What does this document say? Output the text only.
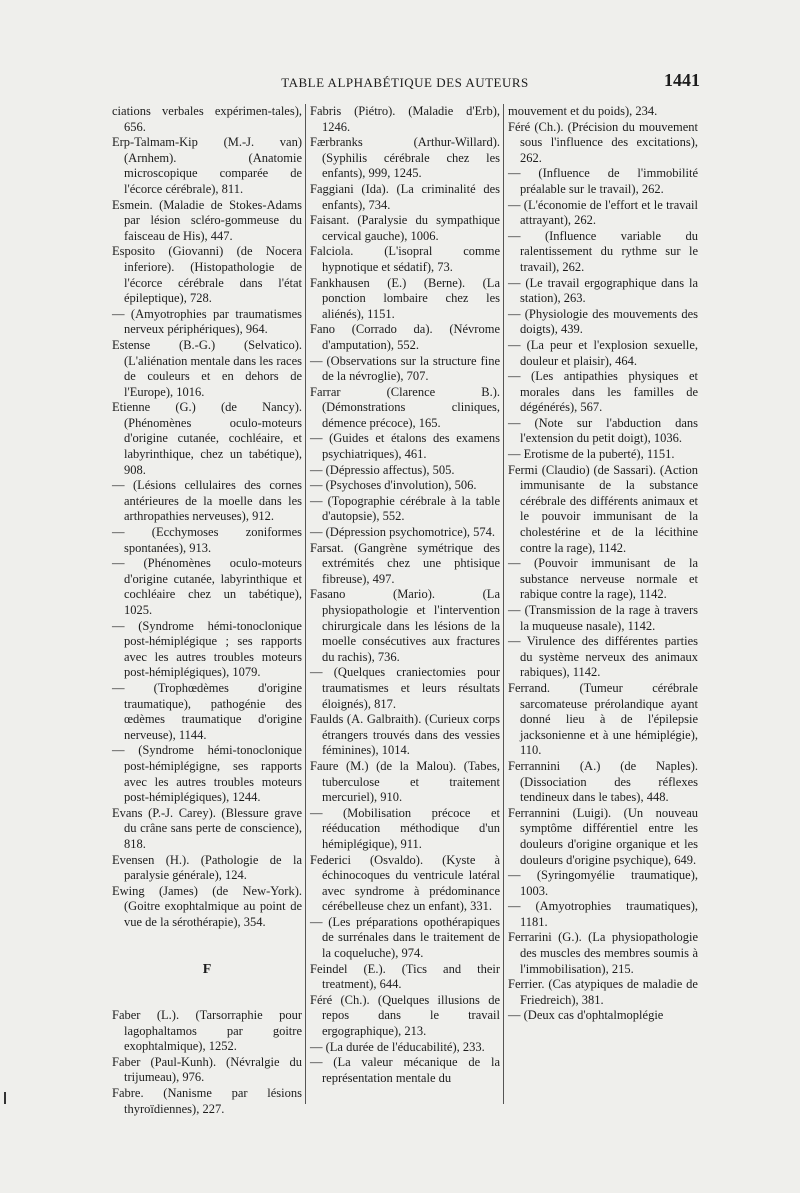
TABLE ALPHABÉTIQUE DES AUTEURS	1441
ciations verbales expérimen-tales), 656.
Erp-Talmam-Kip (M.-J. van) (Arnhem). (Anatomie microscopique comparée de l'écorce cérébrale), 811.
Esmein. (Maladie de Stokes-Adams par lésion scléro-gommeuse du faisceau de His), 447.
Esposito (Giovanni) (de Nocera inferiore). (Histopathologie de l'écorce cérébrale dans l'état épileptique), 728.
— (Amyotrophies par traumatismes nerveux périphériques), 964.
Estense (B.-G.) (Selvatico). (L'aliénation mentale dans les races de couleurs et en dehors de l'Europe), 1016.
Etienne (G.) (de Nancy). (Phénomènes oculo-moteurs d'origine cutanée, cochléaire, et labyrinthique, chez un tabétique), 908.
— (Lésions cellulaires des cornes antérieures de la moelle dans les arthropathies nerveuses), 912.
— (Ecchymoses zoniformes spontanées), 913.
— (Phénomènes oculo-moteurs d'origine cutanée, labyrinthique et cochléaire chez un tabétique), 1025.
— (Syndrome hémi-tonoclonique post-hémiplégique ; ses rapports avec les autres troubles moteurs post-hémiplégiques), 1079.
— (Trophœdèmes d'origine traumatique), pathogénie des œdèmes traumatique d'origine nerveuse), 1144.
— (Syndrome hémi-tonoclonique post-hémiplégigne, ses rapports avec les autres troubles moteurs post-hémiplégiques), 1244.
Evans (P.-J. Carey). (Blessure grave du crâne sans perte de conscience), 818.
Evensen (H.). (Pathologie de la paralysie générale), 124.
Ewing (James) (de New-York). (Goitre exophtalmique au point de vue de la sérothérapie), 354.
F
Faber (L.). (Tarsorraphie pour lagophaltamos par goitre exophtalmique), 1252.
Faber (Paul-Kunh). (Névralgie du trijumeau), 976.
Fabre. (Nanisme par lésions thyroïdiennes), 227.
Fabris (Piétro). (Maladie d'Erb), 1246.
Færbranks (Arthur-Willard). (Syphilis cérébrale chez les enfants), 999, 1245.
Faggiani (Ida). (La criminalité des enfants), 734.
Faisant. (Paralysie du sympathique cervical gauche), 1006.
Falciola. (L'isopral comme hypnotique et sédatif), 73.
Fankhausen (E.) (Berne). (La ponction lombaire chez les aliénés), 1151.
Fano (Corrado da). (Névrome d'amputation), 552.
— (Observations sur la structure fine de la névroglie), 707.
Farrar (Clarence B.). (Démonstrations cliniques, démence précoce), 165.
— (Guides et étalons des examens psychiatriques), 461.
— (Dépressio affectus), 505.
— (Psychoses d'involution), 506.
— (Topographie cérébrale à la table d'autopsie), 552.
— (Dépression psychomotrice), 574.
Farsat. (Gangrène symétrique des extrémités chez une phtisique fibreuse), 497.
Fasano (Mario). (La physiopathologie et l'intervention chirurgicale dans les lésions de la moelle consécutives aux fractures du rachis), 736.
— (Quelques craniectomies pour traumatismes et leurs résultats éloignés), 817.
Faulds (A. Galbraith). (Curieux corps étrangers trouvés dans des vessies féminines), 1014.
Faure (M.) (de la Malou). (Tabes, tuberculose et traitement mercuriel), 910.
— (Mobilisation précoce et rééducation méthodique d'un hémiplégique), 911.
Federici (Osvaldo). (Kyste à échinocoques du ventricule latéral avec syndrome à prédominance cérébelleuse chez un enfant), 331.
— (Les préparations opothérapiques de surrénales dans le traitement de la coqueluche), 974.
Feindel (E.). (Tics and their treatment), 644.
Féré (Ch.). (Quelques illusions de repos dans le travail ergographique), 213.
— (La durée de l'éducabilité), 233.
— (La valeur mécanique de la représentation mentale du
mouvement et du poids), 234.
Féré (Ch.). (Précision du mouvement sous l'influence des excitations), 262.
— (Influence de l'immobilité préalable sur le travail), 262.
— (L'économie de l'effort et le travail attrayant), 262.
— (Influence variable du ralentissement du rythme sur le travail), 262.
— (Le travail ergographique dans la station), 263.
— (Physiologie des mouvements des doigts), 439.
— (La peur et l'explosion sexuelle, douleur et plaisir), 464.
— (Les antipathies physiques et morales dans les familles de dégénérés), 567.
— (Note sur l'abduction dans l'extension du petit doigt), 1036.
— Erotisme de la puberté), 1151.
Fermi (Claudio) (de Sassari). (Action immunisante de la substance cérébrale des différents animaux et le pouvoir immunisant de la cholestérine et de la lécithine contre la rage), 1142.
— (Pouvoir immunisant de la substance nerveuse normale et rabique contre la rage), 1142.
— (Transmission de la rage à travers la muqueuse nasale), 1142.
— Virulence des différentes parties du système nerveux des animaux rabiques), 1142.
Ferrand. (Tumeur cérébrale sarcomateuse prérolandique ayant donné lieu à de l'épilepsie jacksonienne et à une hémiplégie), 110.
Ferrannini (A.) (de Naples). (Dissociation des réflexes tendineux dans le tabes), 448.
Ferrannini (Luigi). (Un nouveau symptôme différentiel entre les douleurs d'origine organique et les douleurs d'origine psychique), 649.
— (Syringomyélie traumatique), 1003.
— (Amyotrophies traumatiques), 1181.
Ferrarini (G.). (La physiopathologie des muscles des membres soumis à l'immobilisation), 215.
Ferrier. (Cas atypiques de maladie de Friedreich), 381.
— (Deux cas d'ophtalmoplégie
